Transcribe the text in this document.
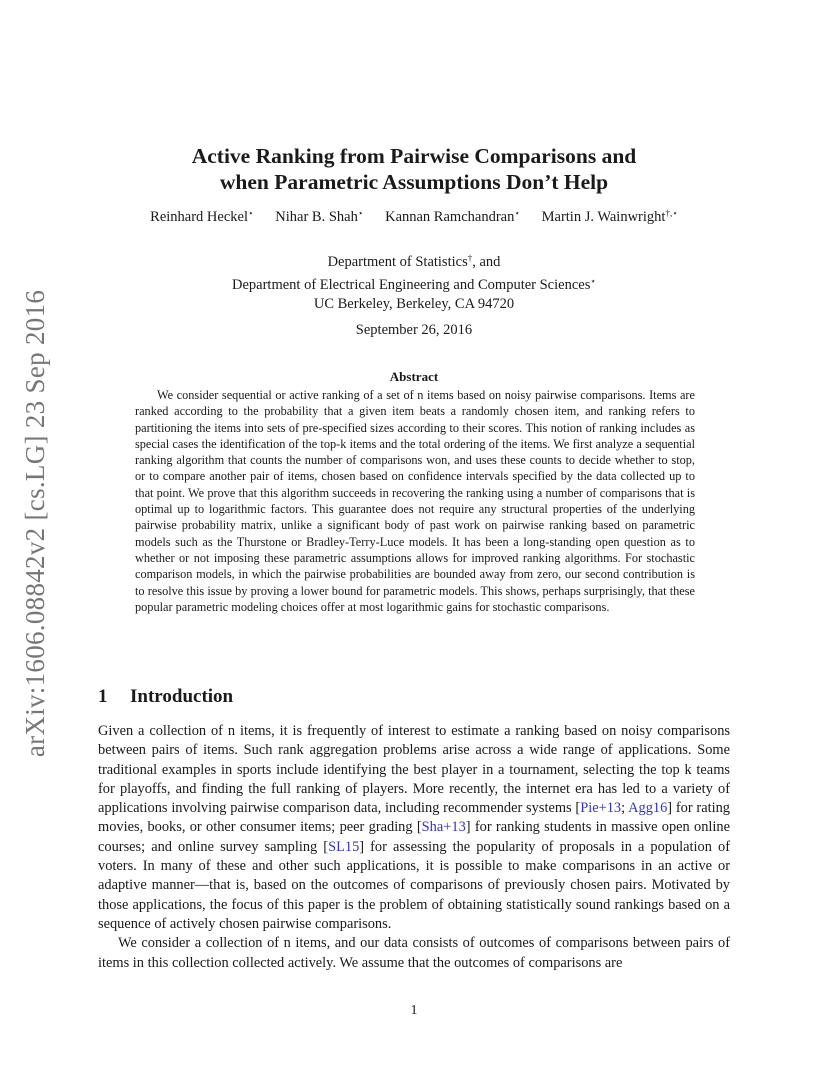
arXiv:1606.08842v2 [cs.LG] 23 Sep 2016
Active Ranking from Pairwise Comparisons and
when Parametric Assumptions Don’t Help
Reinhard Heckel⋆ Nihar B. Shah⋆ Kannan Ramchandran⋆ Martin J. Wainwright†,⋆
Department of Statistics†, and
Department of Electrical Engineering and Computer Sciences⋆
UC Berkeley, Berkeley, CA 94720
September 26, 2016
Abstract

We consider sequential or active ranking of a set of n items based on noisy pairwise comparisons. Items are ranked according to the probability that a given item beats a randomly chosen item, and ranking refers to partitioning the items into sets of pre-specified sizes according to their scores. This notion of ranking includes as special cases the identification of the top-k items and the total ordering of the items. We first analyze a sequential ranking algorithm that counts the number of comparisons won, and uses these counts to decide whether to stop, or to compare another pair of items, chosen based on confidence intervals specified by the data collected up to that point. We prove that this algorithm succeeds in recovering the ranking using a number of comparisons that is optimal up to logarithmic factors. This guarantee does not require any structural properties of the underlying pairwise probability matrix, unlike a significant body of past work on pairwise ranking based on parametric models such as the Thurstone or Bradley-Terry-Luce models. It has been a long-standing open question as to whether or not imposing these parametric assumptions allows for improved ranking algorithms. For stochastic comparison models, in which the pairwise probabilities are bounded away from zero, our second contribution is to resolve this issue by proving a lower bound for parametric models. This shows, perhaps surprisingly, that these popular parametric modeling choices offer at most logarithmic gains for stochastic comparisons.

1 Introduction

Given a collection of n items, it is frequently of interest to estimate a ranking based on noisy comparisons between pairs of items. Such rank aggregation problems arise across a wide range of applications. Some traditional examples in sports include identifying the best player in a tournament, selecting the top k teams for playoffs, and finding the full ranking of players. More recently, the internet era has led to a variety of applications involving pairwise comparison data, including recommender systems [Pie+13; Agg16] for rating movies, books, or other consumer items; peer grading [Sha+13] for ranking students in massive open online courses; and online survey sampling [SL15] for assessing the popularity of proposals in a population of voters. In many of these and other such applications, it is possible to make comparisons in an active or adaptive manner—that is, based on the outcomes of comparisons of previously chosen pairs. Motivated by those applications, the focus of this paper is the problem of obtaining statistically sound rankings based on a sequence of actively chosen pairwise comparisons.

We consider a collection of n items, and our data consists of outcomes of comparisons between pairs of items in this collection collected actively. We assume that the outcomes of comparisons are

1
